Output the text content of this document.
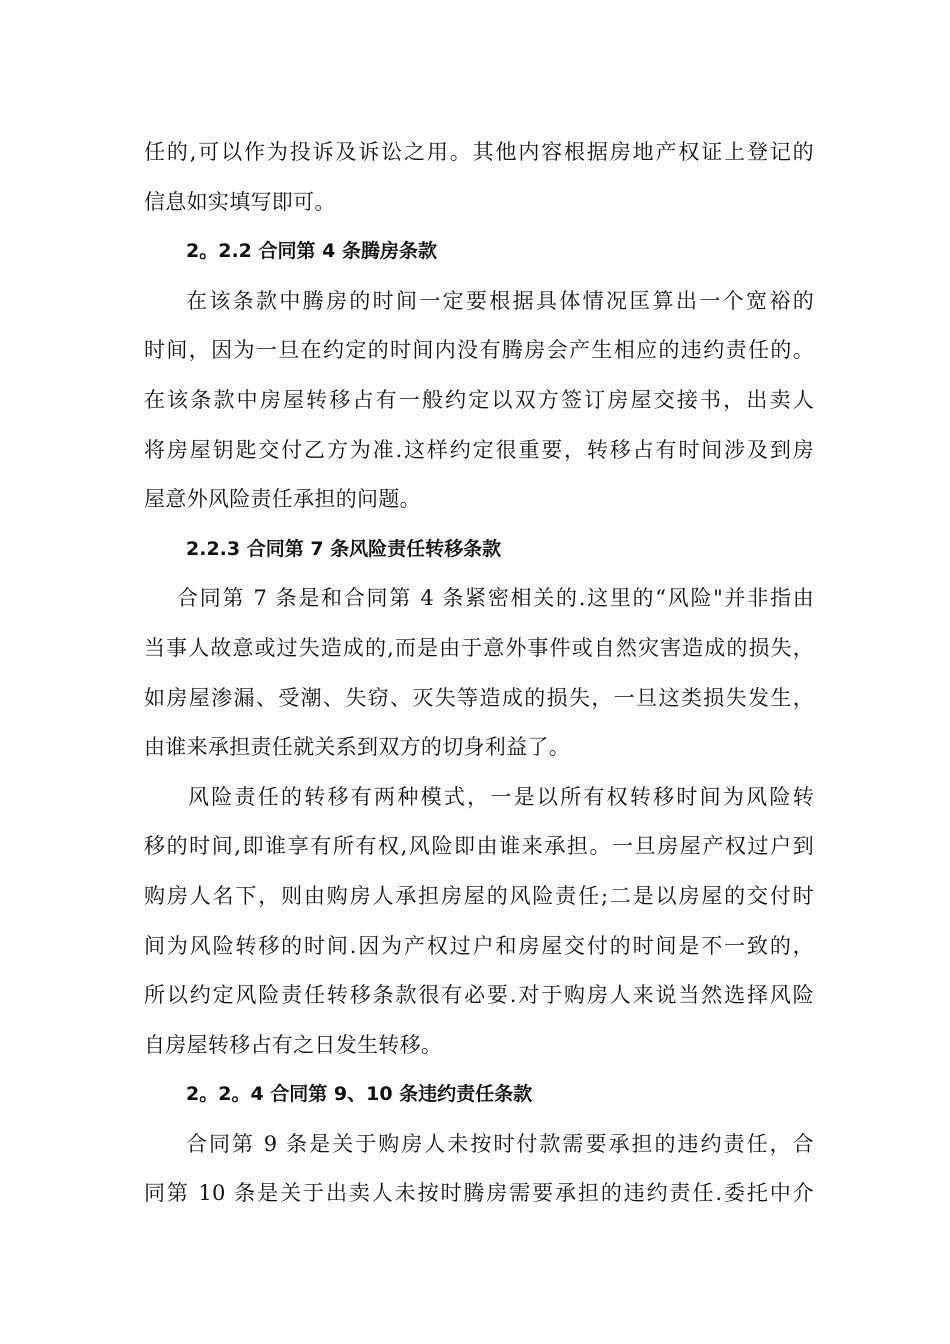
任的,可以作为投诉及诉讼之用。其他内容根据房地产权证上登记的
信息如实填写即可。
2。2.2 合同第 4 条腾房条款
在该条款中腾房的时间一定要根据具体情况匡算出一个宽裕的
时间，因为一旦在约定的时间内没有腾房会产生相应的违约责任的。
在该条款中房屋转移占有一般约定以双方签订房屋交接书，出卖人
将房屋钥匙交付乙方为准.这样约定很重要，转移占有时间涉及到房
屋意外风险责任承担的问题。
2.2.3 合同第 7 条风险责任转移条款
合同第 7 条是和合同第 4 条紧密相关的.这里的“风险"并非指由
当事人故意或过失造成的,而是由于意外事件或自然灾害造成的损失，
如房屋渗漏、受潮、失窃、灭失等造成的损失，一旦这类损失发生，
由谁来承担责任就关系到双方的切身利益了。
风险责任的转移有两种模式，一是以所有权转移时间为风险转
移的时间,即谁享有所有权,风险即由谁来承担。一旦房屋产权过户到
购房人名下，则由购房人承担房屋的风险责任;二是以房屋的交付时
间为风险转移的时间.因为产权过户和房屋交付的时间是不一致的，
所以约定风险责任转移条款很有必要.对于购房人来说当然选择风险
自房屋转移占有之日发生转移。
2。2。4 合同第 9、10 条违约责任条款
合同第 9 条是关于购房人未按时付款需要承担的违约责任，合
同第 10 条是关于出卖人未按时腾房需要承担的违约责任.委托中介
